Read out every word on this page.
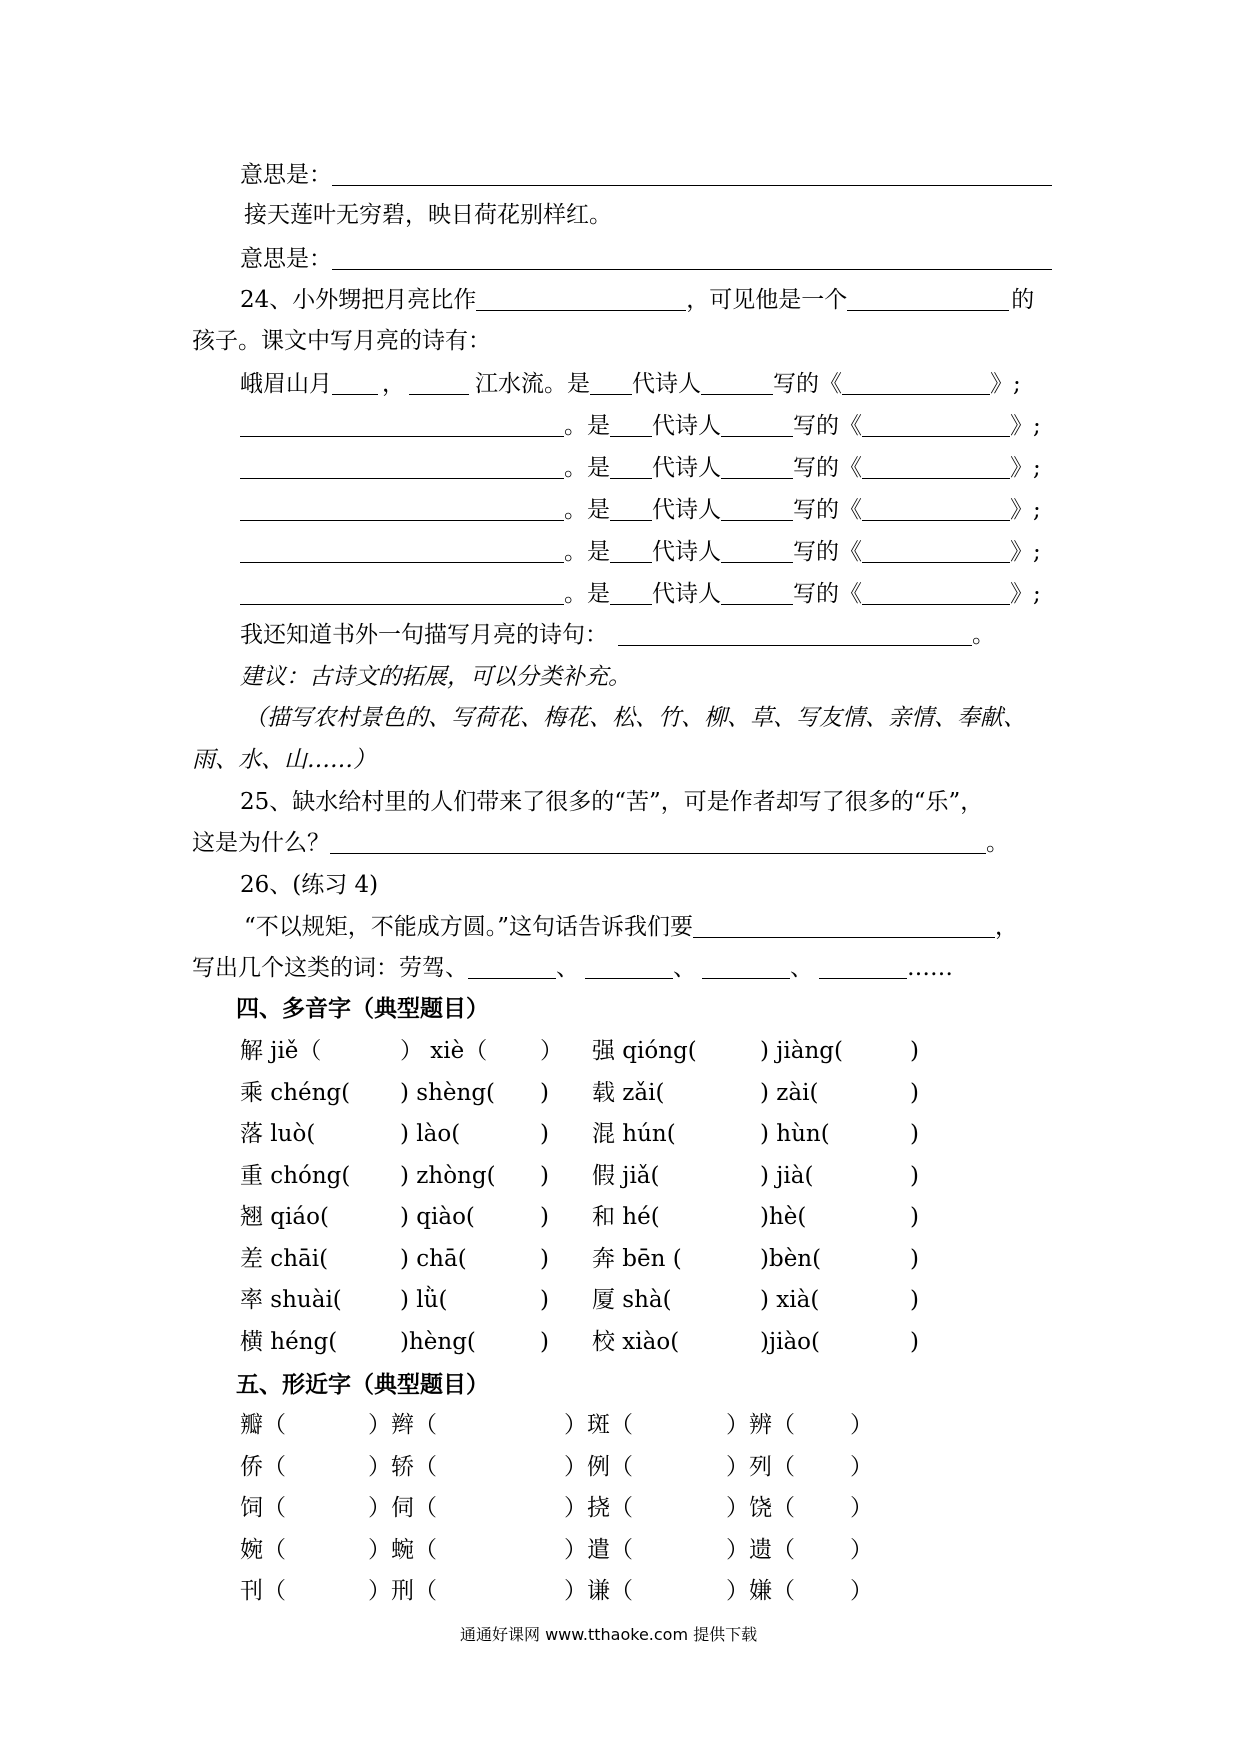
意思是：
接天莲叶无穷碧，映日荷花别样红。
意思是：
24、小外甥把月亮比作	，可见他是一个	的
孩子。课文中写月亮的诗有：
峨眉山月 ，	江水流。是 代诗人	写的《	》;
。是 代诗人	写的《	》;
。是 代诗人	写的《	》;
。是 代诗人	写的《	》;
。是 代诗人	写的《	》;
。是 代诗人	写的《	》;
我还知道书外一句描写月亮的诗句：	。
建议：古诗文的拓展，可以分类补充。
（描写农村景色的、写荷花、梅花、松、竹、柳、草、写友情、亲情、奉献、
雨、水、山……）
25、缺水给村里的人们带来了很多的“苦”，可是作者却写了很多的“乐”，
这是为什么？	。
26、(练习 4)
“不以规矩，不能成方圆。”这句话告诉我们要	，
写出几个这类的词：劳驾、	、	、	、	……
四、多音字（典型题目）
解 jiě（	） xiè（ ） 强 qióng(	) jiàng(	)
乘 chéng( ) shèng( ) 载 zǎi(	) zài(	)
落 luò(	) lào(	) 混 hún(	) hùn(	)
重 chóng( ) zhòng( ) 假 jiǎ(	) jià(	)
翘 qiáo(	) qiào(	) 和 hé(	)hè(	)
差 chāi(	) chā(	) 奔 bēn (	)bèn(	)
率 shuài(	) lǜ(	) 厦 shà(	) xià(	)
横 héng(	)hèng(	) 校 xiào(	)jiào(	)
五、形近字（典型题目）
瓣（	）辫（	）斑（	）辨（ ）
侨（	）轿（	）例（	）列（ ）
饲（	）伺（	）挠（	）饶（ ）
婉（	）蜿（	）遣（	）遗（ ）
刊（	）刑（	）谦（	）嫌（ ）
通通好课网 www.tthaoke.com 提供下载
